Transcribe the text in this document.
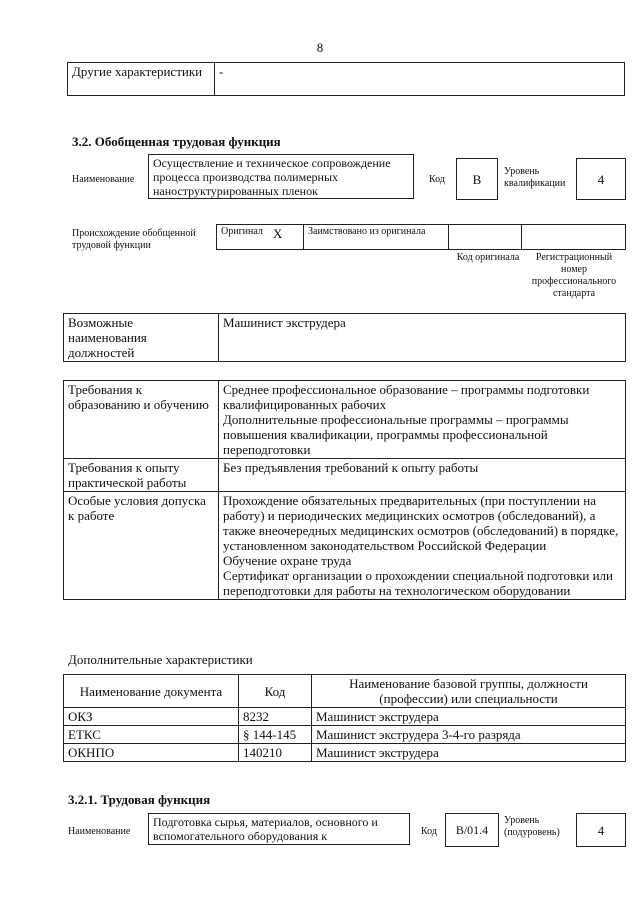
8
Другие характеристики	-
3.2. Обобщенная трудовая функция
Наименование
Осуществление и техническое сопровождение процесса производства полимерных наноструктурированных пленок
Код	B	Уровень квалификации	4
Происхождение обобщенной трудовой функции
Оригинал	X	Заимствовано из оригинала		
Код оригинала	Регистрационный номер профессионального стандарта
Возможные наименования должностей	Машинист экструдера
Требования к образованию и обучению	Среднее профессиональное образование – программы подготовки квалифицированных рабочих
Дополнительные профессиональные программы – программы повышения квалификации, программы профессиональной переподготовки

Требования к опыту практической работы	Без предъявления требований к опыту работы
Особые условия допуска к работе	Прохождение обязательных предварительных (при поступлении на работу) и периодических медицинских осмотров (обследований), а также внеочередных медицинских осмотров (обследований) в порядке, установленном законодательством Российской Федерации
Обучение охране труда
Сертификат организации о прохождении специальной подготовки или переподготовки для работы на технологическом оборудовании
Дополнительные характеристики
Наименование документа	Код	Наименование базовой группы, должности (профессии) или специальности
ОКЗ	8232	Машинист экструдера
ЕТКС	§ 144-145	Машинист экструдера 3-4-го разряда
ОКНПО	140210	Машинист экструдера
3.2.1. Трудовая функция
Наименование
Подготовка сырья, материалов, основного и вспомогательного оборудования к	Код	B/01.4
Уровень (подуровень)	4
